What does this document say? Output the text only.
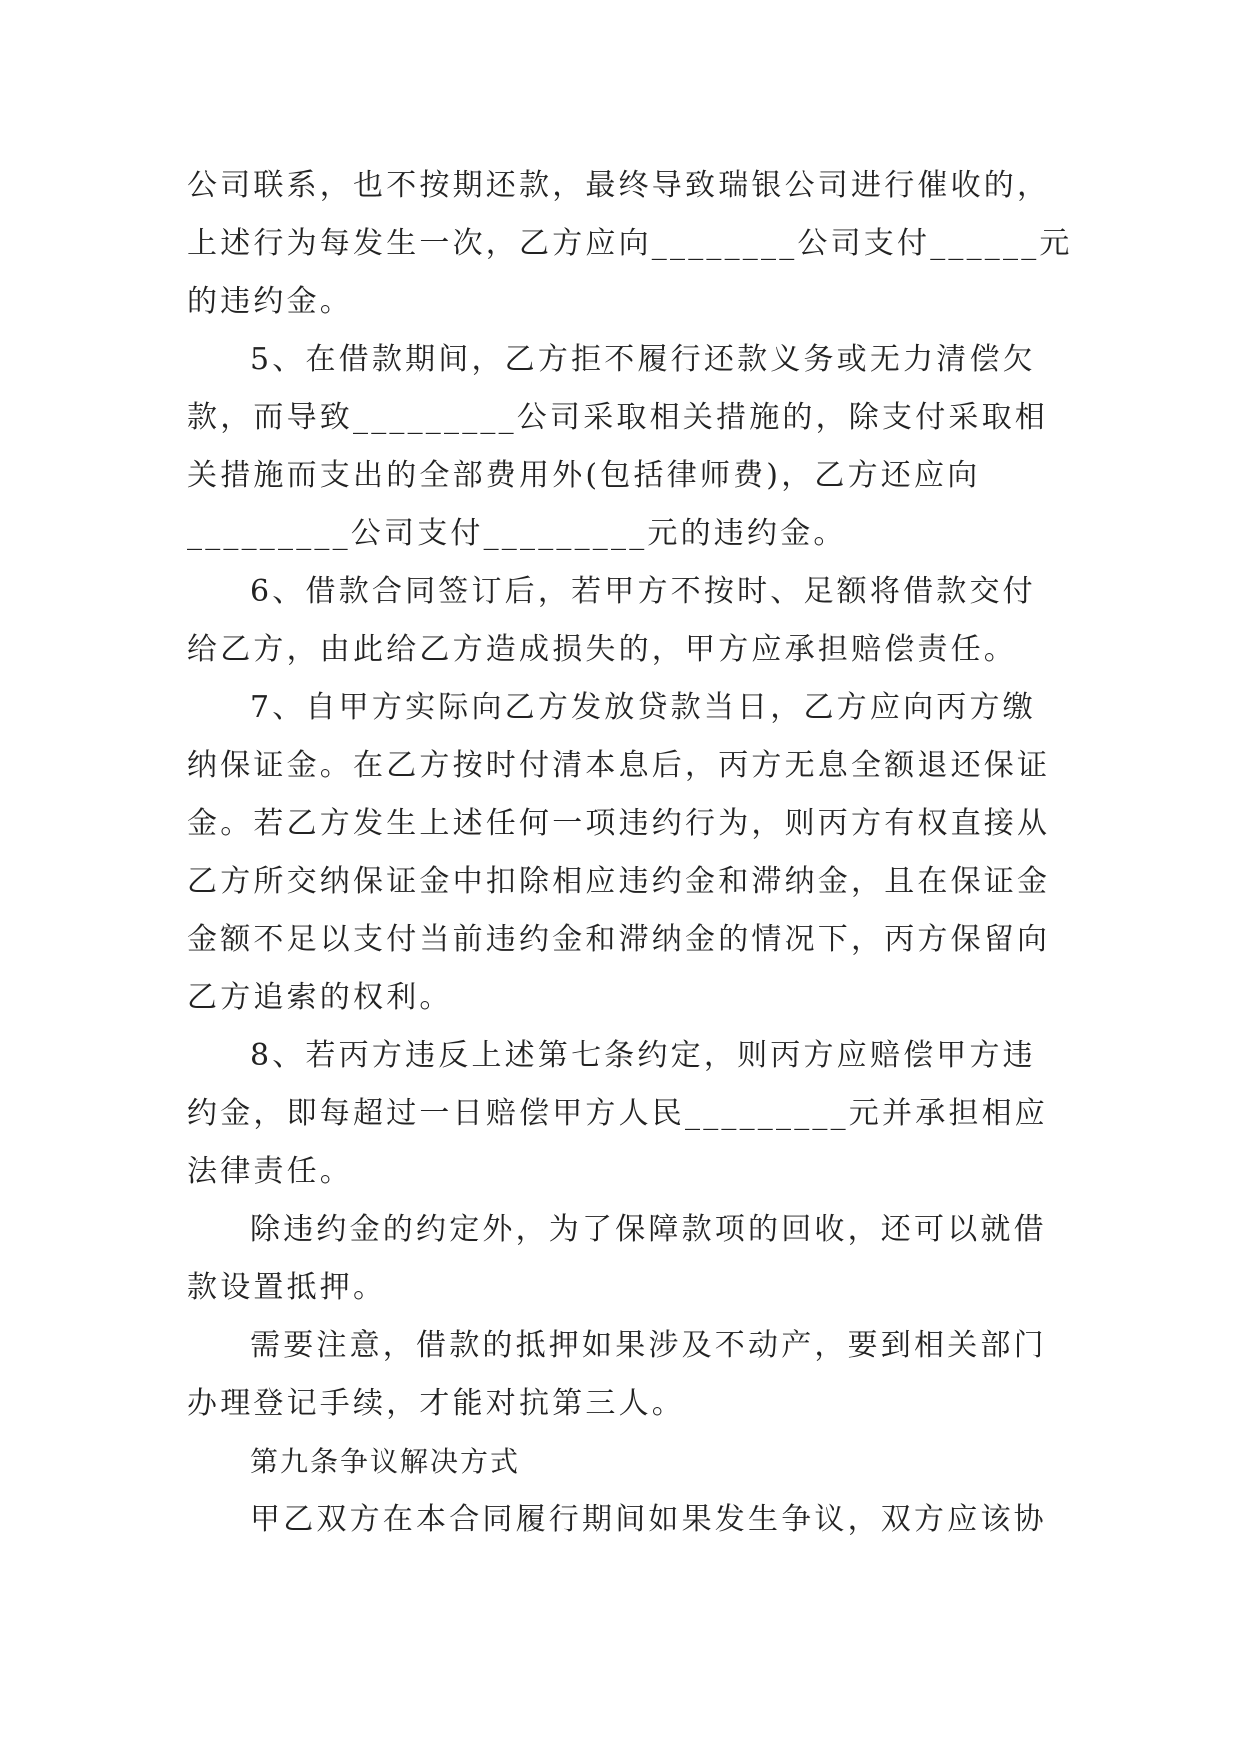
公司联系，也不按期还款，最终导致瑞银公司进行催收的，
上述行为每发生一次，乙方应向________公司支付______元
的违约金。
5、在借款期间，乙方拒不履行还款义务或无力清偿欠
款，而导致_________公司采取相关措施的，除支付采取相
关措施而支出的全部费用外(包括律师费)，乙方还应向
_________公司支付_________元的违约金。
6、借款合同签订后，若甲方不按时、足额将借款交付
给乙方，由此给乙方造成损失的，甲方应承担赔偿责任。
7、自甲方实际向乙方发放贷款当日，乙方应向丙方缴
纳保证金。在乙方按时付清本息后，丙方无息全额退还保证
金。若乙方发生上述任何一项违约行为，则丙方有权直接从
乙方所交纳保证金中扣除相应违约金和滞纳金，且在保证金
金额不足以支付当前违约金和滞纳金的情况下，丙方保留向
乙方追索的权利。
8、若丙方违反上述第七条约定，则丙方应赔偿甲方违
约金，即每超过一日赔偿甲方人民_________元并承担相应
法律责任。
除违约金的约定外，为了保障款项的回收，还可以就借
款设置抵押。
需要注意，借款的抵押如果涉及不动产，要到相关部门
办理登记手续，才能对抗第三人。
第九条争议解决方式
甲乙双方在本合同履行期间如果发生争议，双方应该协
